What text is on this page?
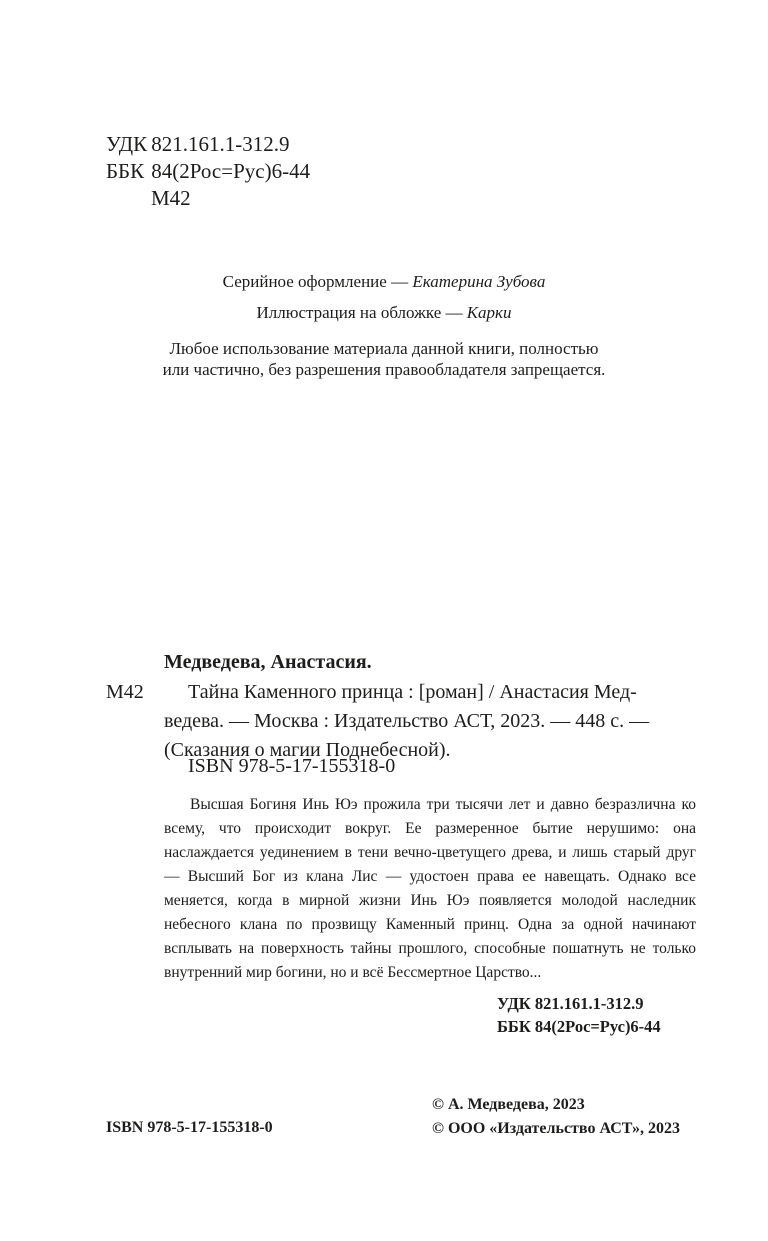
УДК 821.161.1-312.9
ББК 84(2Рос=Рус)6-44
М42
Серийное оформление — Екатерина Зубова
Иллюстрация на обложке — Карки
Любое использование материала данной книги, полностью
или частично, без разрешения правообладателя запрещается.
Медведева, Анастасия.
М42	Тайна Каменного принца : [роман] / Анастасия Мед-
ведева. — Москва : Издательство АСТ, 2023. — 448 с. —
(Сказания о магии Поднебесной).
ISBN 978-5-17-155318-0
Высшая Богиня Инь Юэ прожила три тысячи лет и давно безразлична ко всему, что происходит вокруг. Ее размеренное бытие нерушимо: она наслаждается уединением в тени вечно-цветущего древа, и лишь старый друг — Высший Бог из клана Лис — удостоен права ее навещать. Однако все меняется, когда в мирной жизни Инь Юэ появляется молодой наследник небесного клана по прозвищу Каменный принц. Одна за одной начинают всплывать на поверхность тайны прошлого, способные пошатнуть не только внутренний мир богини, но и всё Бессмертное Царство...
УДК 821.161.1-312.9
ББК 84(2Рос=Рус)6-44
ISBN 978-5-17-155318-0
© А. Медведева, 2023
© ООО «Издательство АСТ», 2023
